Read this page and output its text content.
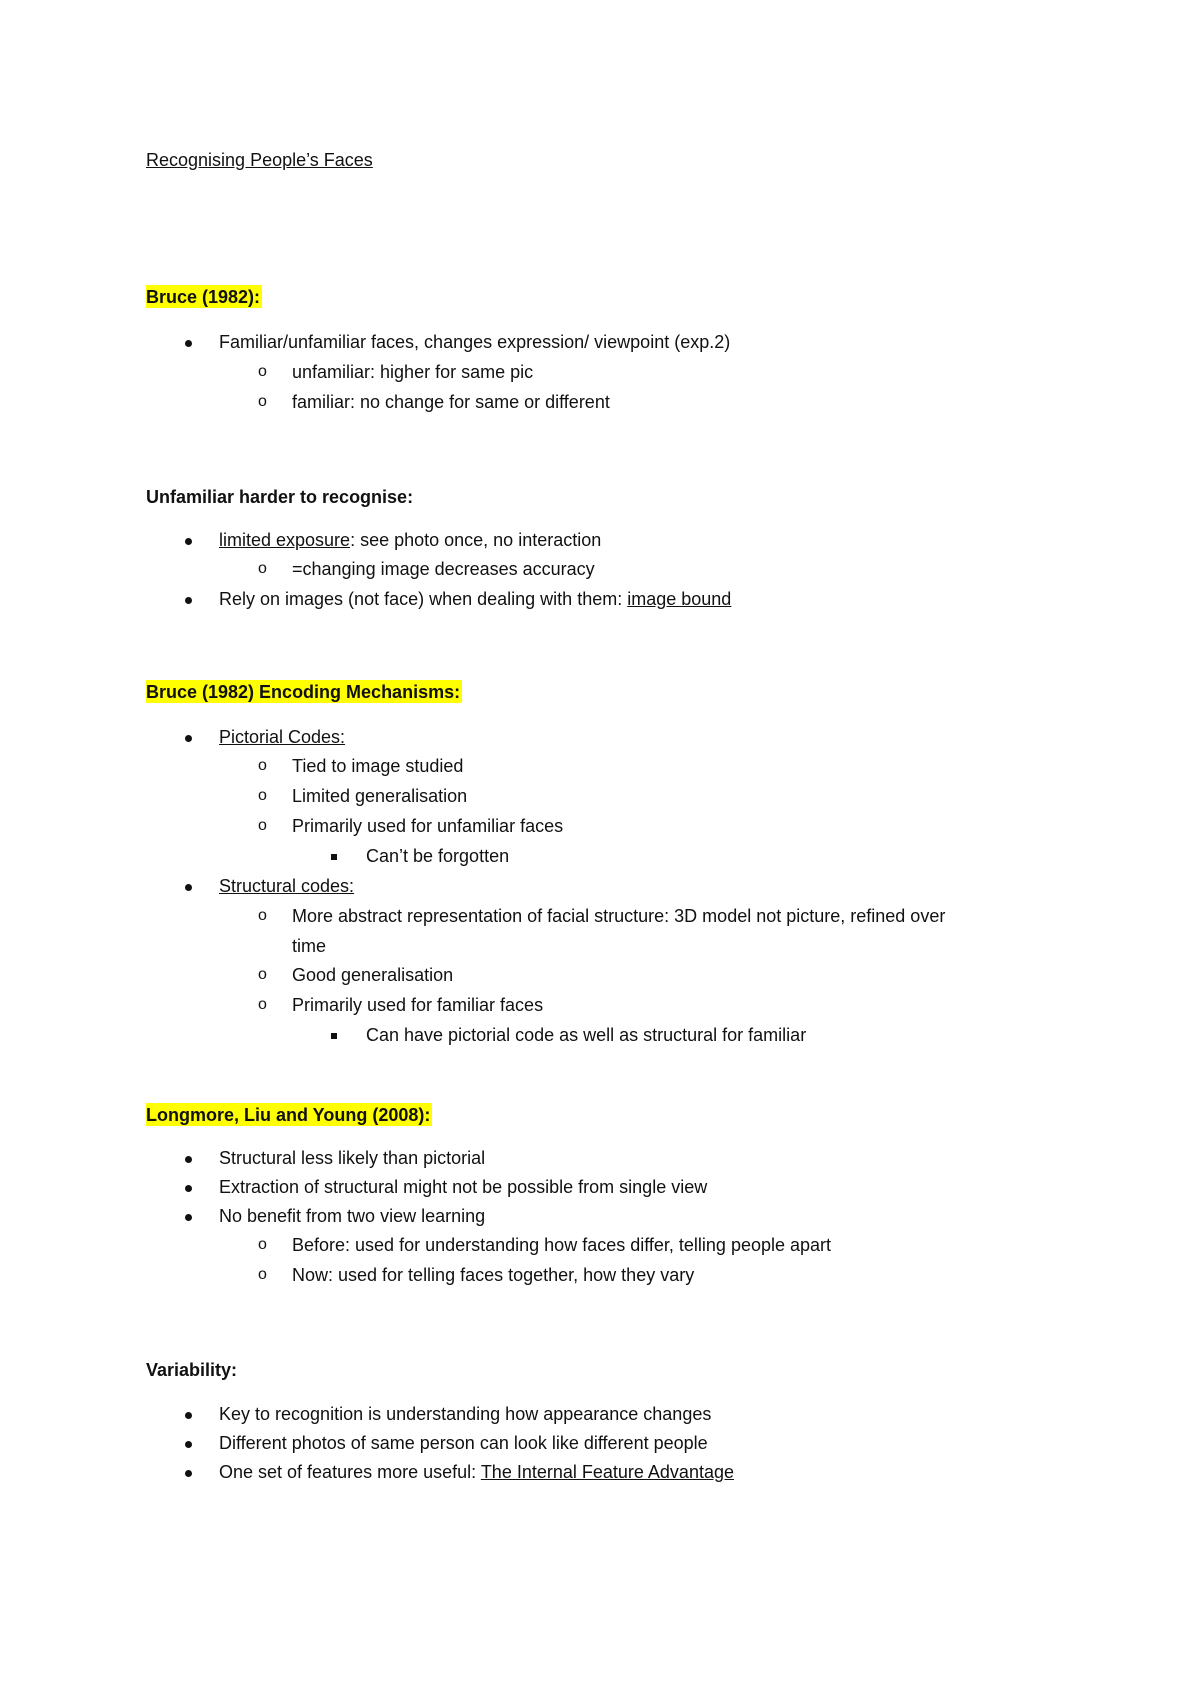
Recognising People’s Faces
Bruce (1982):
Familiar/unfamiliar faces, changes expression/ viewpoint (exp.2)
o unfamiliar: higher for same pic
o familiar: no change for same or different
Unfamiliar harder to recognise:
limited exposure: see photo once, no interaction
o =changing image decreases accuracy
Rely on images (not face) when dealing with them: image bound
Bruce (1982) Encoding Mechanisms:
Pictorial Codes:
o Tied to image studied
o Limited generalisation
o Primarily used for unfamiliar faces
Can’t be forgotten
Structural codes:
o More abstract representation of facial structure: 3D model not picture, refined over
time
o Good generalisation
o Primarily used for familiar faces
Can have pictorial code as well as structural for familiar
Longmore, Liu and Young (2008):
Structural less likely than pictorial
Extraction of structural might not be possible from single view
No benefit from two view learning
o Before: used for understanding how faces differ, telling people apart
o Now: used for telling faces together, how they vary
Variability:
Key to recognition is understanding how appearance changes
Different photos of same person can look like different people
One set of features more useful: The Internal Feature Advantage
